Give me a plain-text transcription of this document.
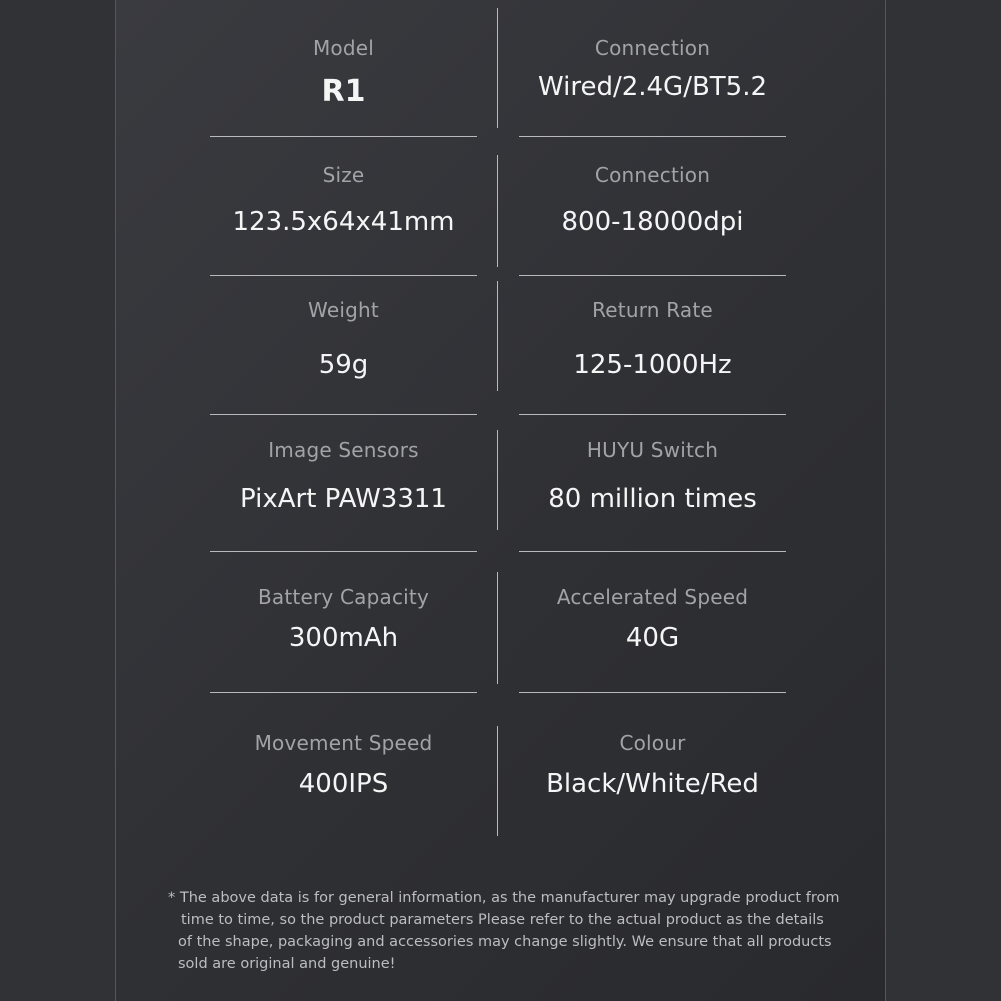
Model
R1
Connection
Wired/2.4G/BT5.2
Size
123.5x64x41mm
Connection
800-18000dpi
Weight
59g
Return Rate
125-1000Hz
Image Sensors
PixArt PAW3311
HUYU Switch
80 million times
Battery Capacity
300mAh
Accelerated Speed
40G
Movement Speed
400IPS
Colour
Black/White/Red
* The above data is for general information, as the manufacturer may upgrade product from
time to time, so the product parameters Please refer to the actual product as the details
of the shape, packaging and accessories may change slightly. We ensure that all products
sold are original and genuine!
